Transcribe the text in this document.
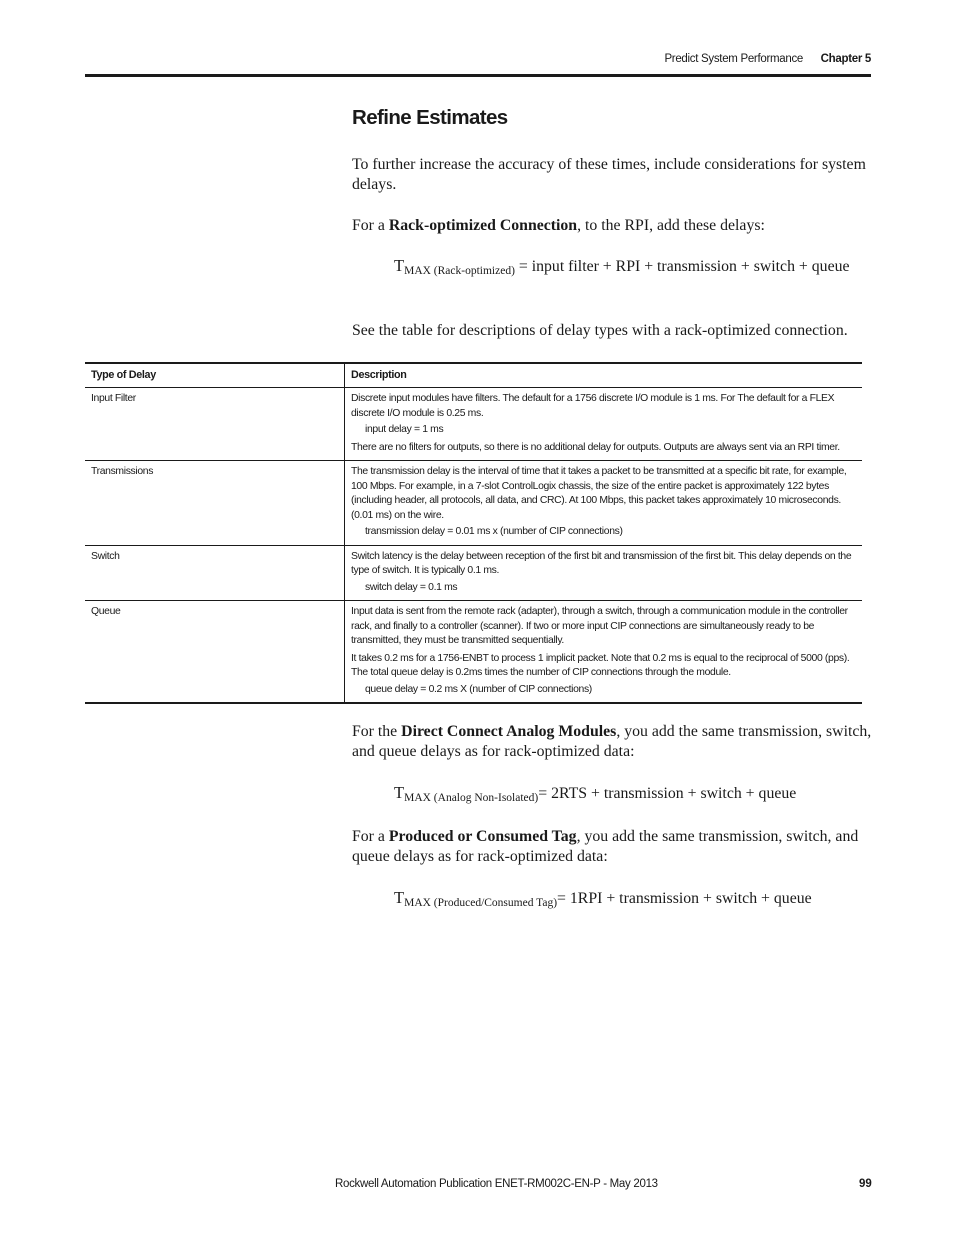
Predict System Performance Chapter 5
Refine Estimates
To further increase the accuracy of these times, include considerations for system delays.
For a Rack-optimized Connection, to the RPI, add these delays:
$T_{MAX (Rack-optimized)}$ = input filter + RPI + transmission + switch + queue
See the table for descriptions of delay types with a rack-optimized connection.
Type of Delay	Description

Input Filter	Discrete input modules have filters. The default for a 1756 discrete I/O module is 1 ms. For The default for a FLEX discrete I/O module is 0.25 ms.
input delay = 1 ms
There are no filters for outputs, so there is no additional delay for outputs. Outputs are always sent via an RPI timer.

Transmissions	The transmission delay is the interval of time that it takes a packet to be transmitted at a specific bit rate, for example, 100 Mbps. For example, in a 7-slot ControlLogix chassis, the size of the entire packet is approximately 122 bytes (including header, all protocols, all data, and CRC). At 100 Mbps, this packet takes approximately 10 microseconds. (0.01 ms) on the wire.
transmission delay = 0.01 ms x (number of CIP connections)

Switch	Switch latency is the delay between reception of the first bit and transmission of the first bit. This delay depends on the type of switch. It is typically 0.1 ms.
switch delay = 0.1 ms

Queue	Input data is sent from the remote rack (adapter), through a switch, through a communication module in the controller rack, and finally to a controller (scanner). If two or more input CIP connections are simultaneously ready to be transmitted, they must be transmitted sequentially.
It takes 0.2 ms for a 1756-ENBT to process 1 implicit packet. Note that 0.2 ms is equal to the reciprocal of 5000 (pps). The total queue delay is 0.2ms times the number of CIP connections through the module.
queue delay = 0.2 ms X (number of CIP connections)
For the Direct Connect Analog Modules, you add the same transmission, switch, and queue delays as for rack-optimized data:
$T_{MAX (Analog Non-Isolated)}= 2RTS$ + transmission + switch + queue
For a Produced or Consumed Tag, you add the same transmission, switch, and queue delays as for rack-optimized data:
$T_{MAX (Produced/Consumed Tag)}= 1RPI$ + transmission + switch + queue
Rockwell Automation Publication ENET-RM002C-EN-P - May 2013	99
